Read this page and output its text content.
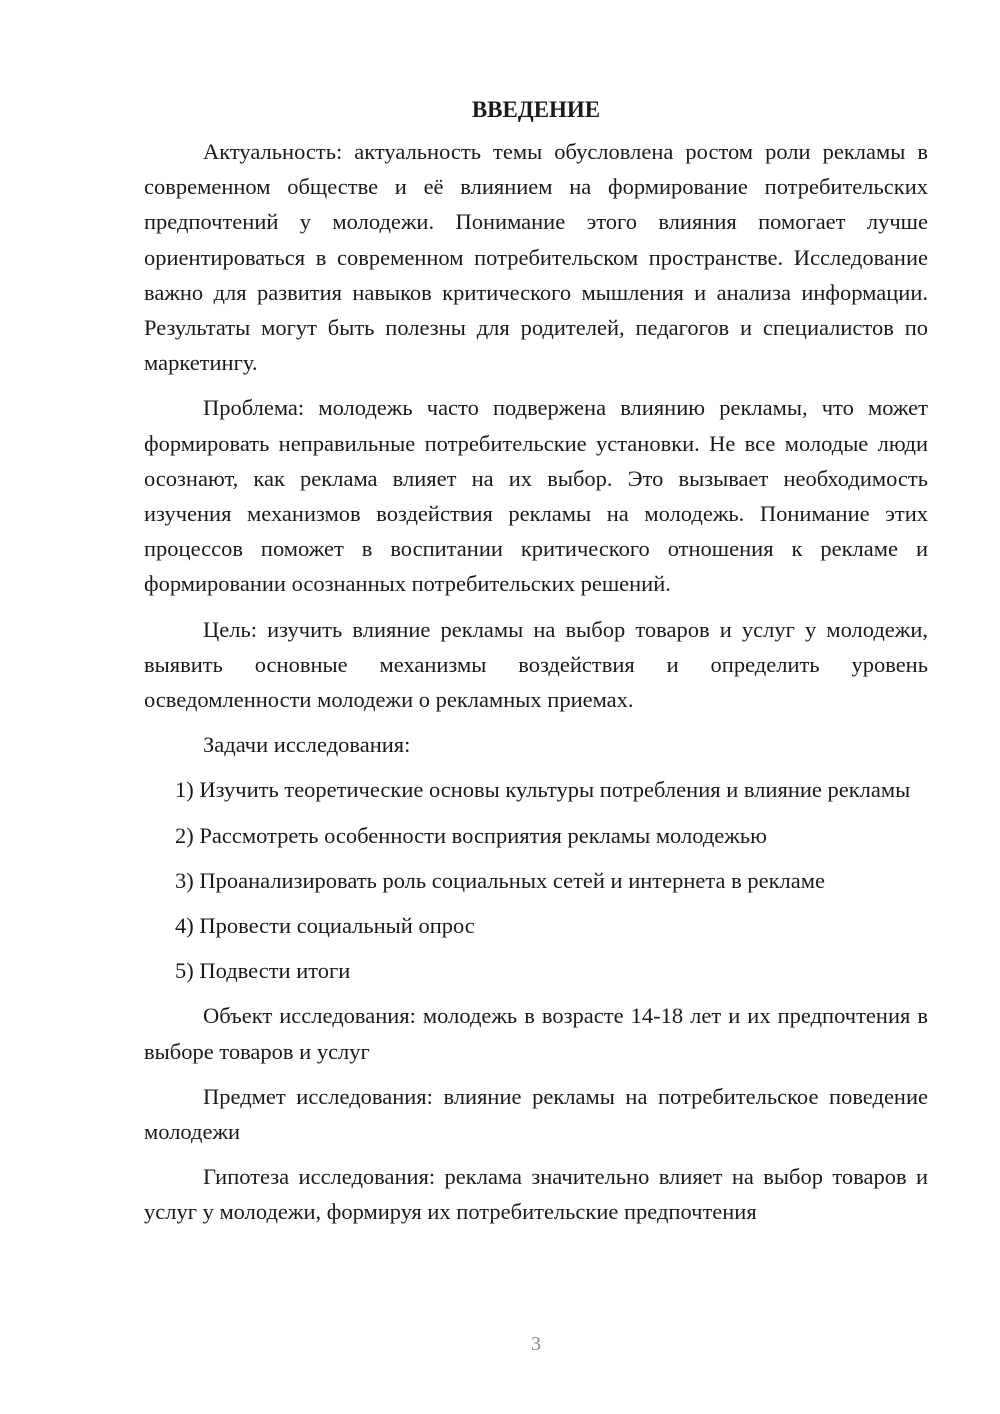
ВВЕДЕНИЕ

Актуальность: актуальность темы обусловлена ростом роли рекламы в современном обществе и её влиянием на формирование потребительских предпочтений у молодежи. Понимание этого влияния помогает лучше ориентироваться в современном потребительском пространстве. Исследование важно для развития навыков критического мышления и анализа информации. Результаты могут быть полезны для родителей, педагогов и специалистов по маркетингу.

Проблема: молодежь часто подвержена влиянию рекламы, что может формировать неправильные потребительские установки. Не все молодые люди осознают, как реклама влияет на их выбор. Это вызывает необходимость изучения механизмов воздействия рекламы на молодежь. Понимание этих процессов поможет в воспитании критического отношения к рекламе и формировании осознанных потребительских решений.

Цель: изучить влияние рекламы на выбор товаров и услуг у молодежи, выявить основные механизмы воздействия и определить уровень осведомленности молодежи о рекламных приемах.

Задачи исследования:

1) Изучить теоретические основы культуры потребления и влияние рекламы

2) Рассмотреть особенности восприятия рекламы молодежью

3) Проанализировать роль социальных сетей и интернета в рекламе

4) Провести социальный опрос

5) Подвести итоги

Объект исследования: молодежь в возрасте 14-18 лет и их предпочтения в выборе товаров и услуг

Предмет исследования: влияние рекламы на потребительское поведение молодежи

Гипотеза исследования: реклама значительно влияет на выбор товаров и услуг у молодежи, формируя их потребительские предпочтения

3
